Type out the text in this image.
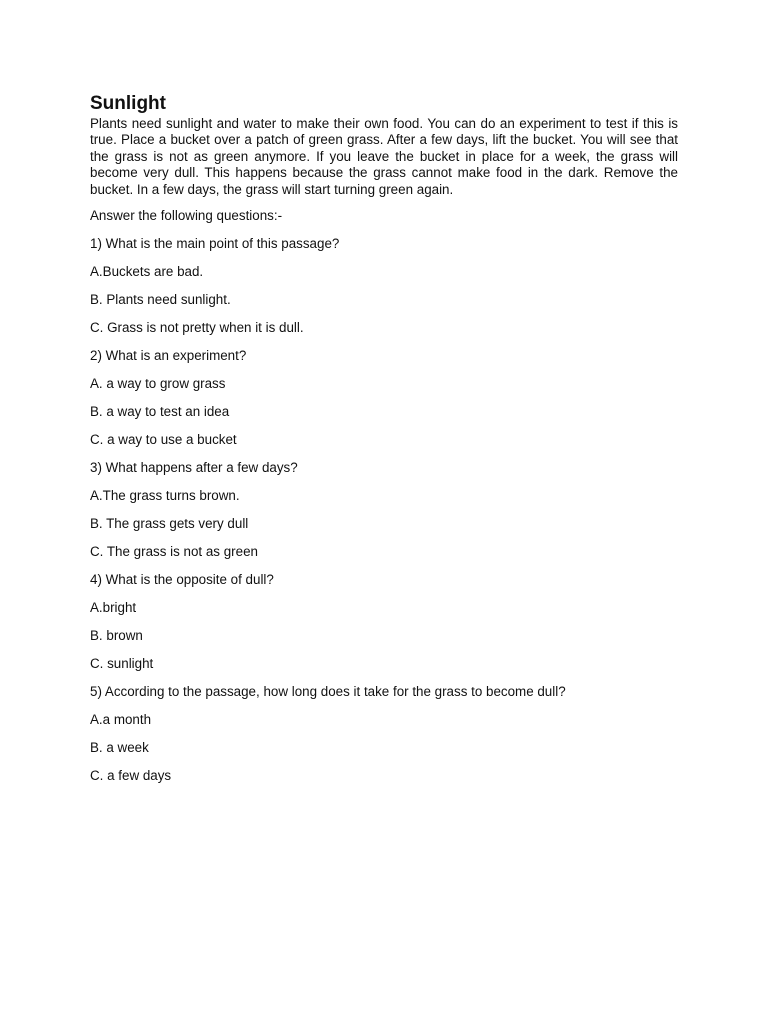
Sunlight

Plants need sunlight and water to make their own food. You can do an experiment to test if this is true. Place a bucket over a patch of green grass. After a few days, lift the bucket. You will see that the grass is not as green anymore. If you leave the bucket in place for a week, the grass will become very dull. This happens because the grass cannot make food in the dark. Remove the bucket. In a few days, the grass will start turning green again.

Answer the following questions:-

1) What is the main point of this passage?

A.Buckets are bad.

B. Plants need sunlight.

C. Grass is not pretty when it is dull.

2) What is an experiment?

A. a way to grow grass

B. a way to test an idea

C. a way to use a bucket

3) What happens after a few days?

A.The grass turns brown.

B. The grass gets very dull

C. The grass is not as green

4) What is the opposite of dull?

A.bright

B. brown

C. sunlight

5) According to the passage, how long does it take for the grass to become dull?

A.a month

B. a week

C. a few days
